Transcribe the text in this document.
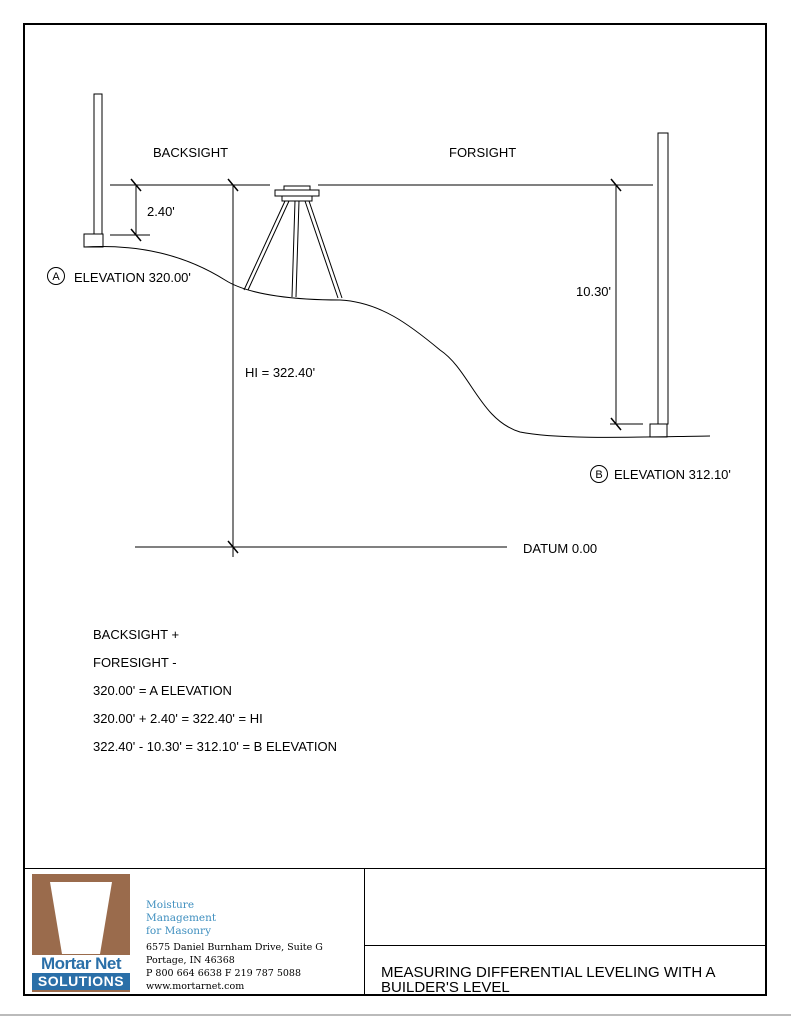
BACKSIGHT	FORSIGHT
2.40'
10.30'
HI = 322.40'
DATUM 0.00
A	ELEVATION 320.00'
B ELEVATION 312.10'
BACKSIGHT +
FORESIGHT -
320.00' = A ELEVATION
320.00' + 2.40' = 322.40' = HI
322.40' - 10.30' = 312.10' = B ELEVATION
Mortar Net
SOLUTIONS
Moisture
Management
for Masonry
6575 Daniel Burnham Drive, Suite G
Portage, IN 46368
P 800 664 6638 F 219 787 5088
www.mortarnet.com
MEASURING DIFFERENTIAL LEVELING WITH A BUILDER'S LEVEL
